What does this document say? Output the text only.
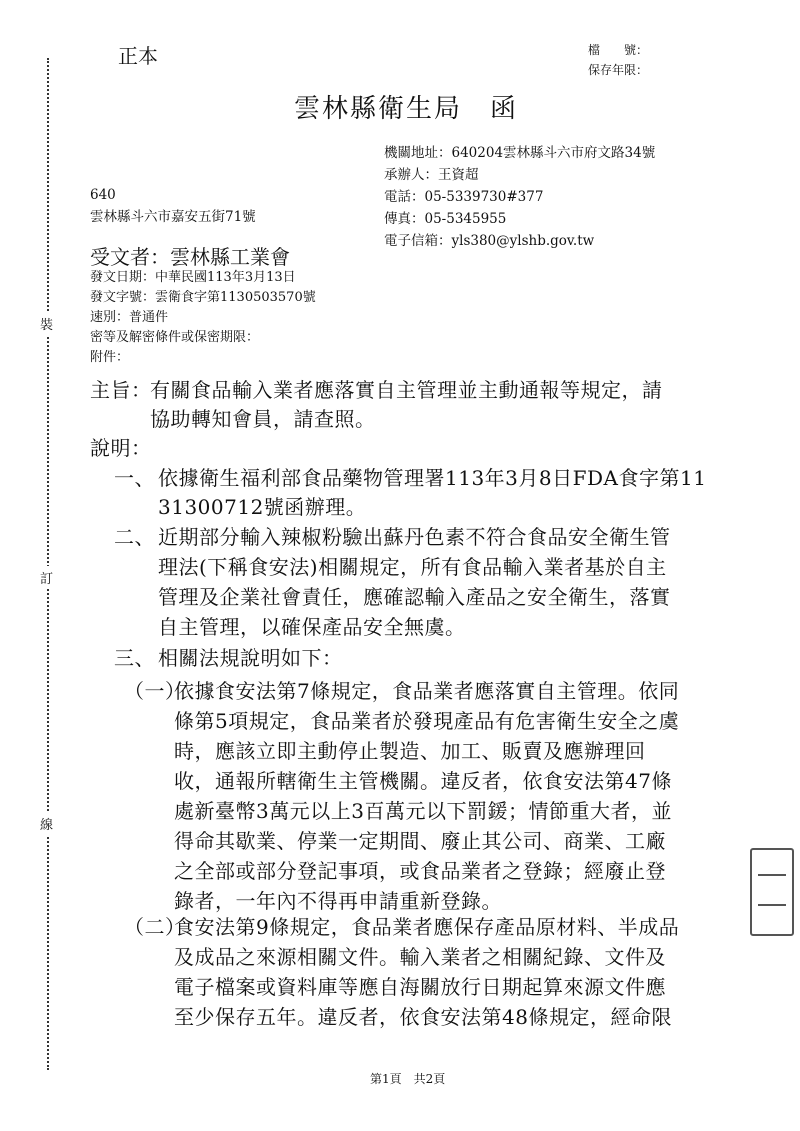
裝
訂
線
正本	檔　　號：
保存年限：
雲林縣衛生局　函
機關地址：640204雲林縣斗六市府文路34號
承辦人：王資超
電話：05-5339730#377
傳真：05-5345955
電子信箱：yls380@ylshb.gov.tw
640
雲林縣斗六市嘉安五街71號
受文者：雲林縣工業會
發文日期：中華民國113年3月13日
發文字號：雲衛食字第1130503570號
速別：普通件
密等及解密條件或保密期限：
附件：
主旨：
有關食品輸入業者應落實自主管理並主動通報等規定，請
協助轉知會員，請查照。
說明：
一、 依據衛生福利部食品藥物管理署113年3月8日FDA食字第11
31300712號函辦理。
二、 近期部分輸入辣椒粉驗出蘇丹色素不符合食品安全衛生管
理法(下稱食安法)相關規定，所有食品輸入業者基於自主
管理及企業社會責任，應確認輸入產品之安全衛生，落實
自主管理，以確保產品安全無虞。
三、 相關法規說明如下：
（一）
依據食安法第7條規定，食品業者應落實自主管理。依同
條第5項規定，食品業者於發現產品有危害衛生安全之虞
時，應該立即主動停止製造、加工、販賣及應辦理回
收，通報所轄衛生主管機關。違反者，依食安法第47條
處新臺幣3萬元以上3百萬元以下罰鍰；情節重大者，並
得命其歇業、停業一定期間、廢止其公司、商業、工廠
之全部或部分登記事項，或食品業者之登錄；經廢止登
錄者，一年內不得再申請重新登錄。
（二）
食安法第9條規定，食品業者應保存產品原材料、半成品
及成品之來源相關文件。輸入業者之相關紀錄、文件及
電子檔案或資料庫等應自海關放行日期起算來源文件應
至少保存五年。違反者，依食安法第48條規定，經命限
第1頁　共2頁
